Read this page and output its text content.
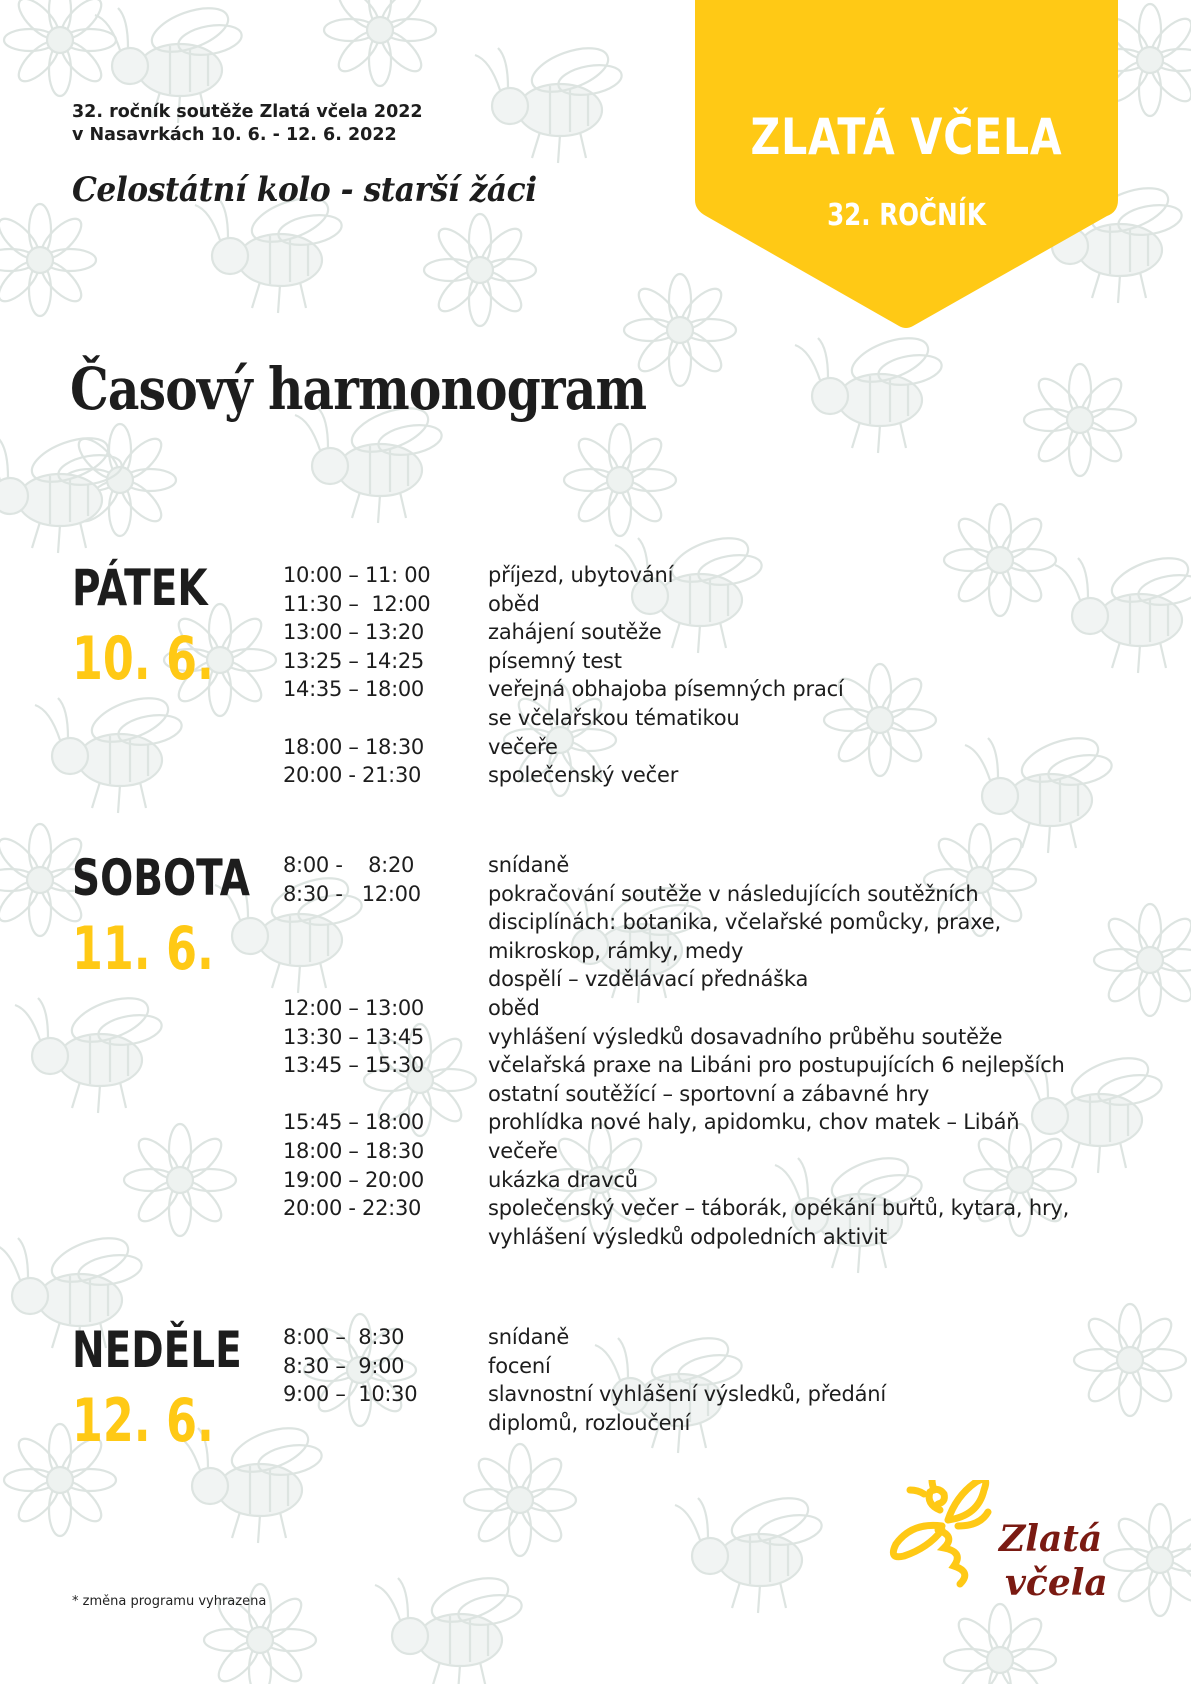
ZLATÁ VČELA
32. ROČNÍK
32. ročník soutěže Zlatá včela 2022
v Nasavrkách 10. 6. - 12. 6. 2022
Celostátní kolo - starší žáci
Časový harmonogram
PÁTEK
10. 6.
10:00 – 11: 00	příjezd, ubytování
11:30 –  12:00	oběd
13:00 – 13:20	zahájení soutěže
13:25 – 14:25	písemný test
14:35 – 18:00	veřejná obhajoba písemných prací
se včelařskou tématikou
18:00 – 18:30	večeře
20:00 - 21:30	společenský večer
SOBOTA
11. 6.
8:00 -    8:20	snídaně
8:30 -   12:00	pokračování soutěže v následujících soutěžních
disciplínách: botanika, včelařské pomůcky, praxe,
mikroskop, rámky, medy
dospělí – vzdělávací přednáška
12:00 – 13:00	oběd
13:30 – 13:45	vyhlášení výsledků dosavadního průběhu soutěže
13:45 – 15:30	včelařská praxe na Libáni pro postupujících 6 nejlepších
ostatní soutěžící – sportovní a zábavné hry
15:45 – 18:00	prohlídka nové haly, apidomku, chov matek – Libáň
18:00 – 18:30	večeře
19:00 – 20:00	ukázka dravců
20:00 - 22:30	společenský večer – táborák, opékání buřtů, kytara, hry,
vyhlášení výsledků odpoledních aktivit
NEDĚLE
12. 6.
8:00 –  8:30	snídaně
8:30 –  9:00	focení
9:00 –  10:30	slavnostní vyhlášení výsledků, předání
diplomů, rozloučení
* změna programu vyhrazena
Zlatá
včela
